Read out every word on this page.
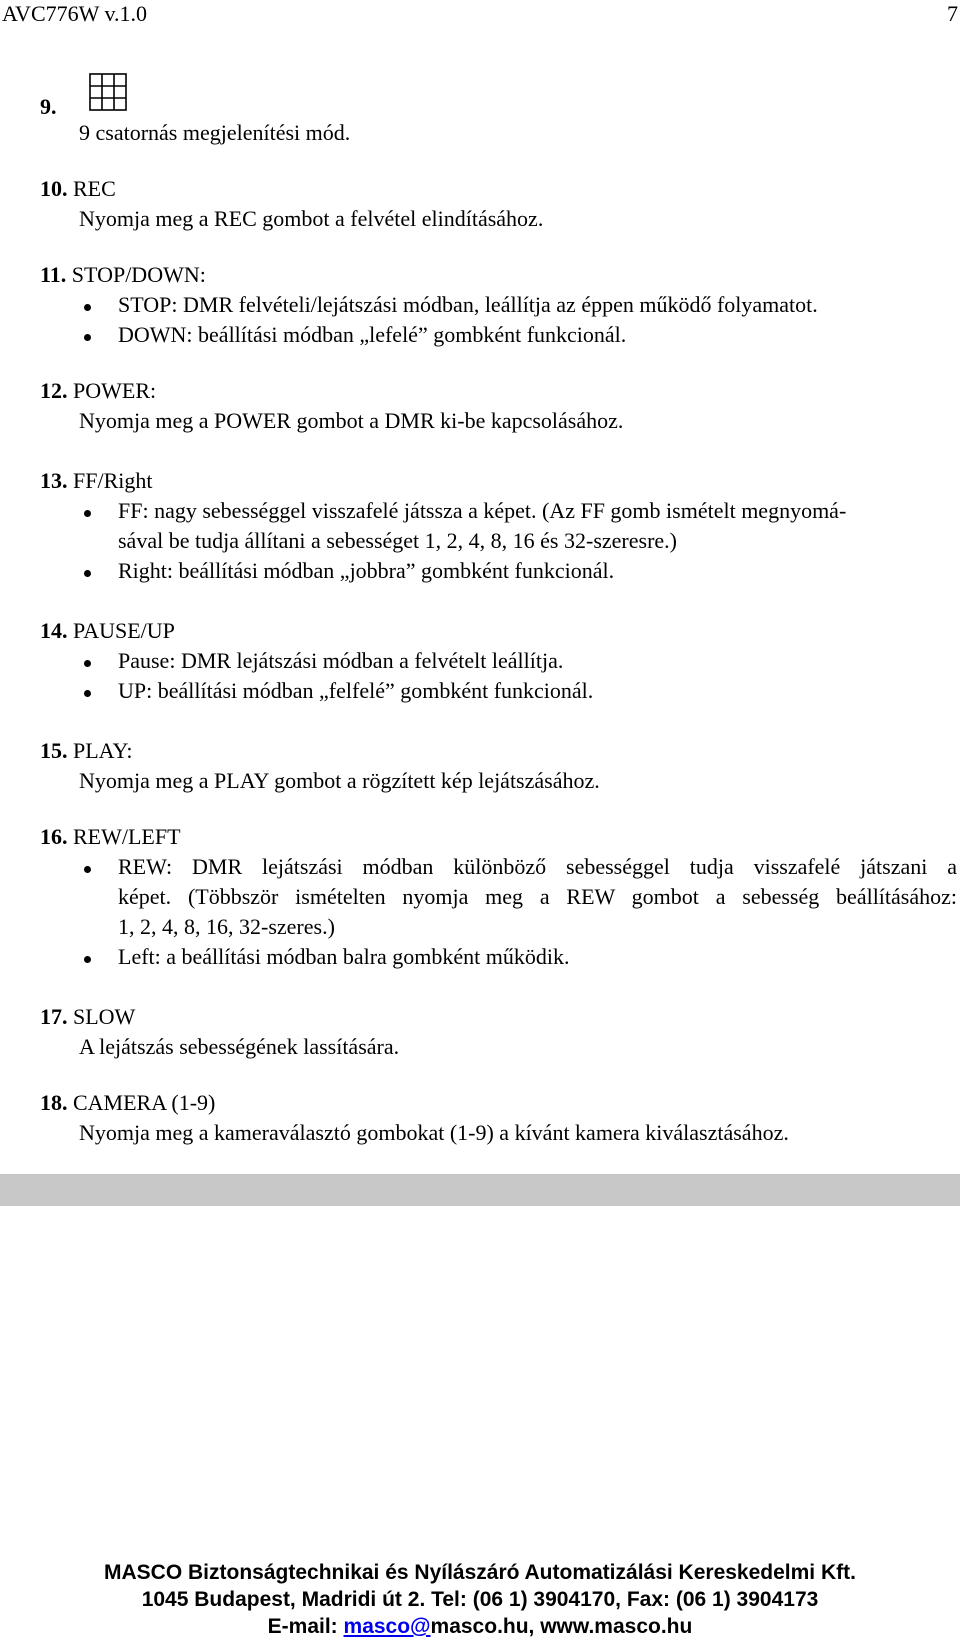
AVC776W v.1.0	7
9.
9 csatornás megjelenítési mód.
10. REC
Nyomja meg a REC gombot a felvétel elindításához.
11. STOP/DOWN:
STOP: DMR felvételi/lejátszási módban, leállítja az éppen működő folyamatot.
DOWN: beállítási módban „lefelé” gombként funkcionál.
12. POWER:
Nyomja meg a POWER gombot a DMR ki-be kapcsolásához.
13. FF/Right
FF: nagy sebességgel visszafelé játssza a képet. (Az FF gomb ismételt megnyomá-
sával be tudja állítani a sebességet 1, 2, 4, 8, 16 és 32-szeresre.)
Right: beállítási módban „jobbra” gombként funkcionál.
14. PAUSE/UP
Pause: DMR lejátszási módban a felvételt leállítja.
UP: beállítási módban „felfelé” gombként funkcionál.
15. PLAY:
Nyomja meg a PLAY gombot a rögzített kép lejátszásához.
16. REW/LEFT
REW: DMR lejátszási módban különböző sebességgel tudja visszafelé játszani a
képet. (Többször ismételten nyomja meg a REW gombot a sebesség beállításához:
1, 2, 4, 8, 16, 32-szeres.)
Left: a beállítási módban balra gombként működik.
17. SLOW
A lejátszás sebességének lassítására.
18. CAMERA (1-9)
Nyomja meg a kameraválasztó gombokat (1-9) a kívánt kamera kiválasztásához.
MASCO Biztonságtechnikai és Nyílászáró Automatizálási Kereskedelmi Kft.
1045 Budapest, Madridi út 2. Tel: (06 1) 3904170, Fax: (06 1) 3904173
E-mail: masco@masco.hu, www.masco.hu
